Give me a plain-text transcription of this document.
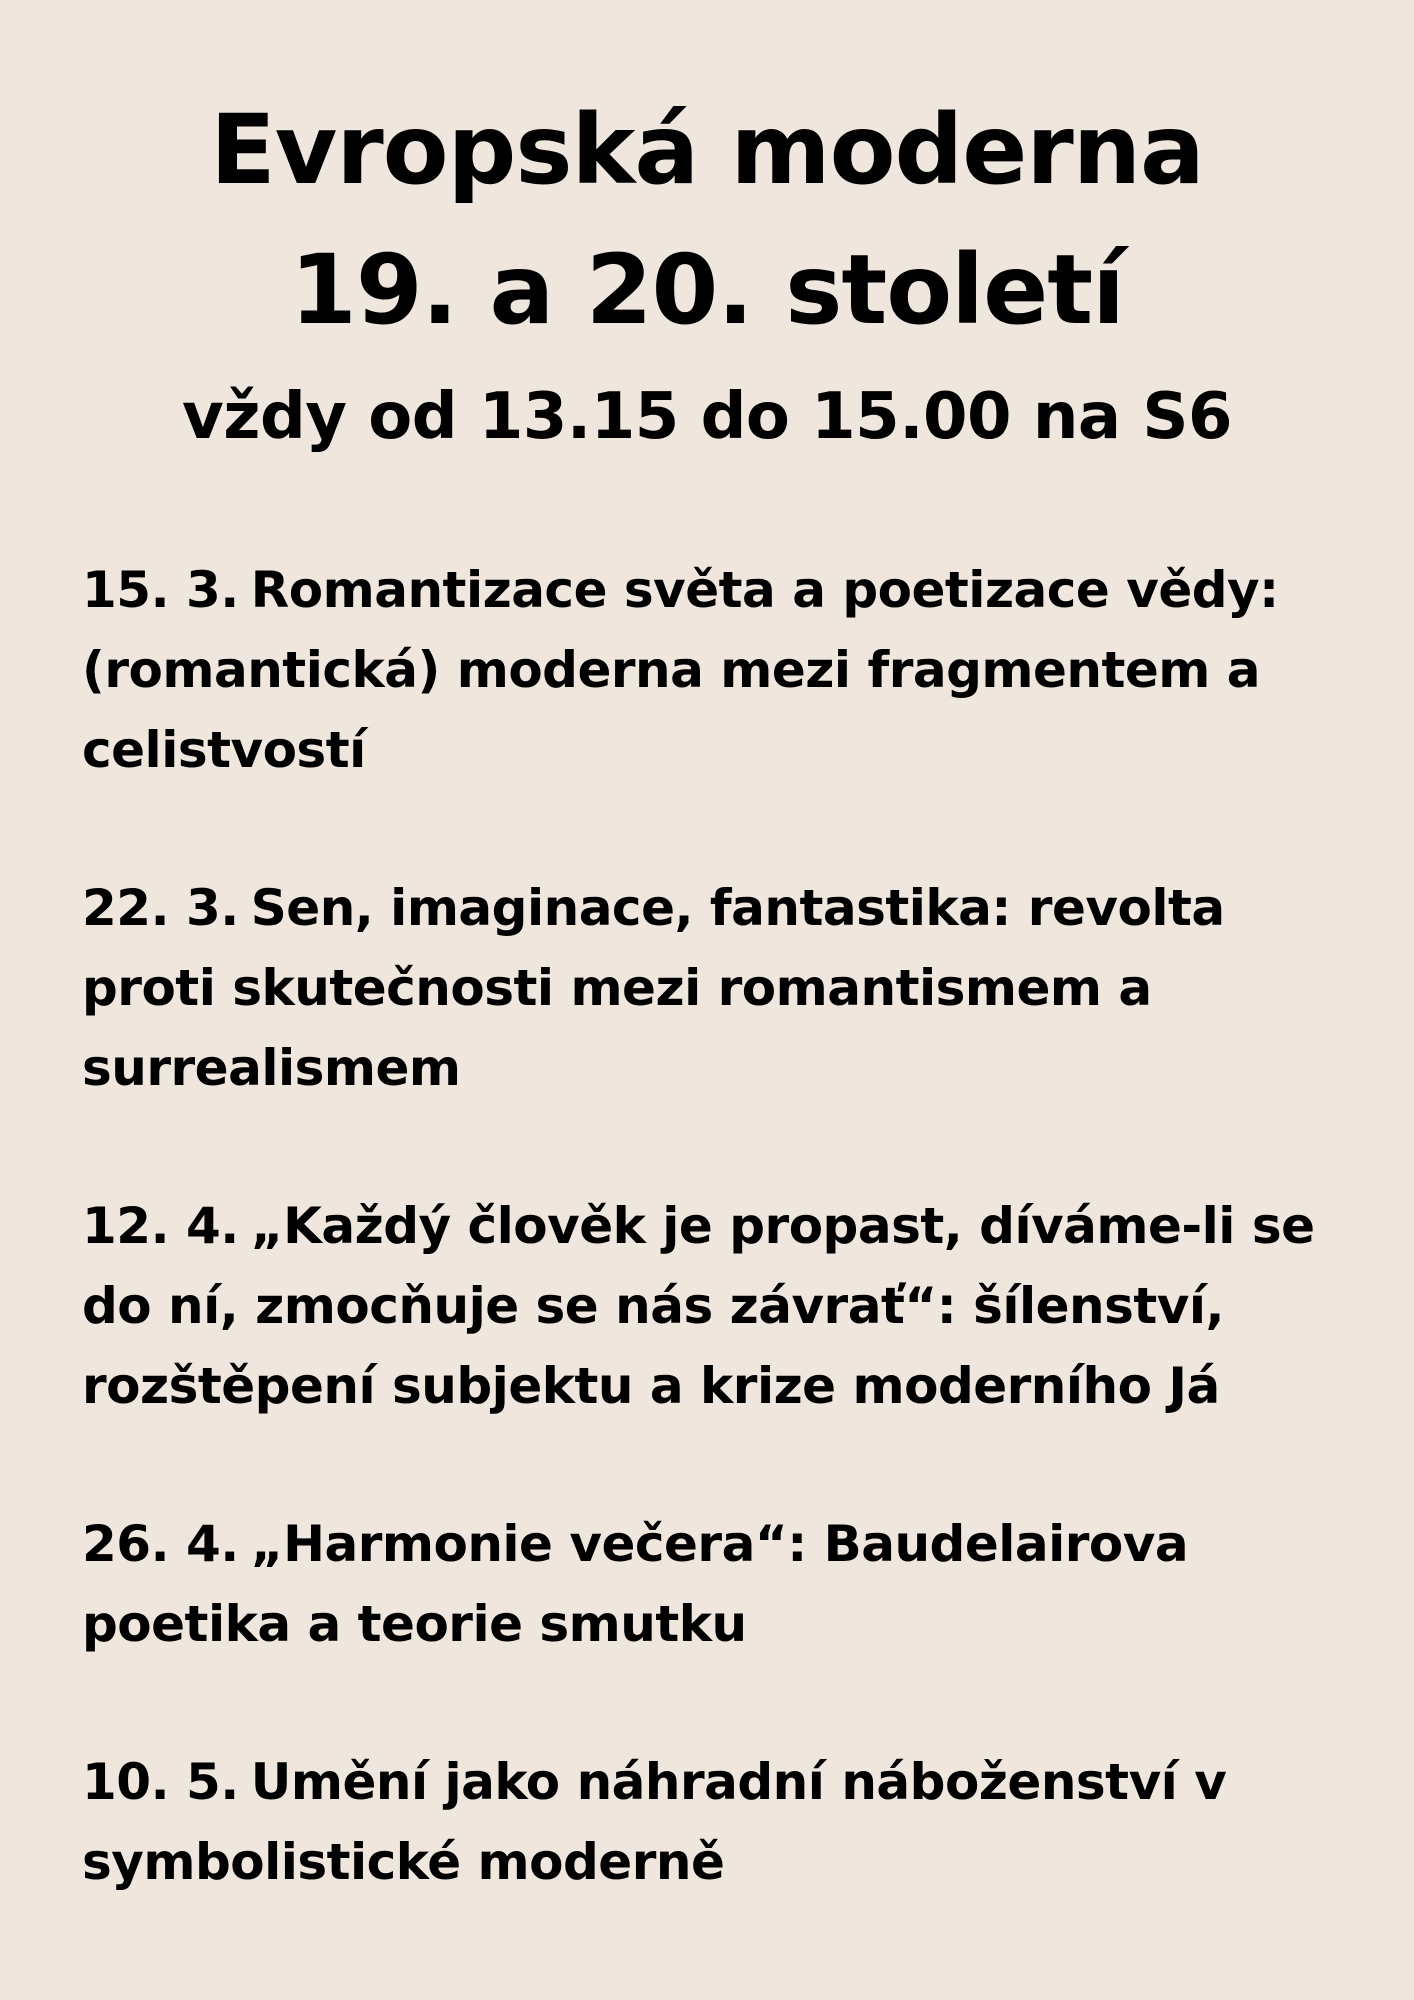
Evropská moderna
19. a 20. století

vždy od 13.15 do 15.00 na S6

15. 3. Romantizace světa a poetizace vědy: (romantická) moderna mezi fragmentem a celistvostí
22. 3. Sen, imaginace, fantastika: revolta proti skutečnosti mezi romantismem a surrealismem
12. 4. „Každý člověk je propast, díváme-li se do ní, zmocňuje se nás závrať“: šílenství, rozštěpení subjektu a krize moderního Já
26. 4. „Harmonie večera“: Baudelairova poetika a teorie smutku
10. 5. Umění jako náhradní náboženství v symbolistické moderně
